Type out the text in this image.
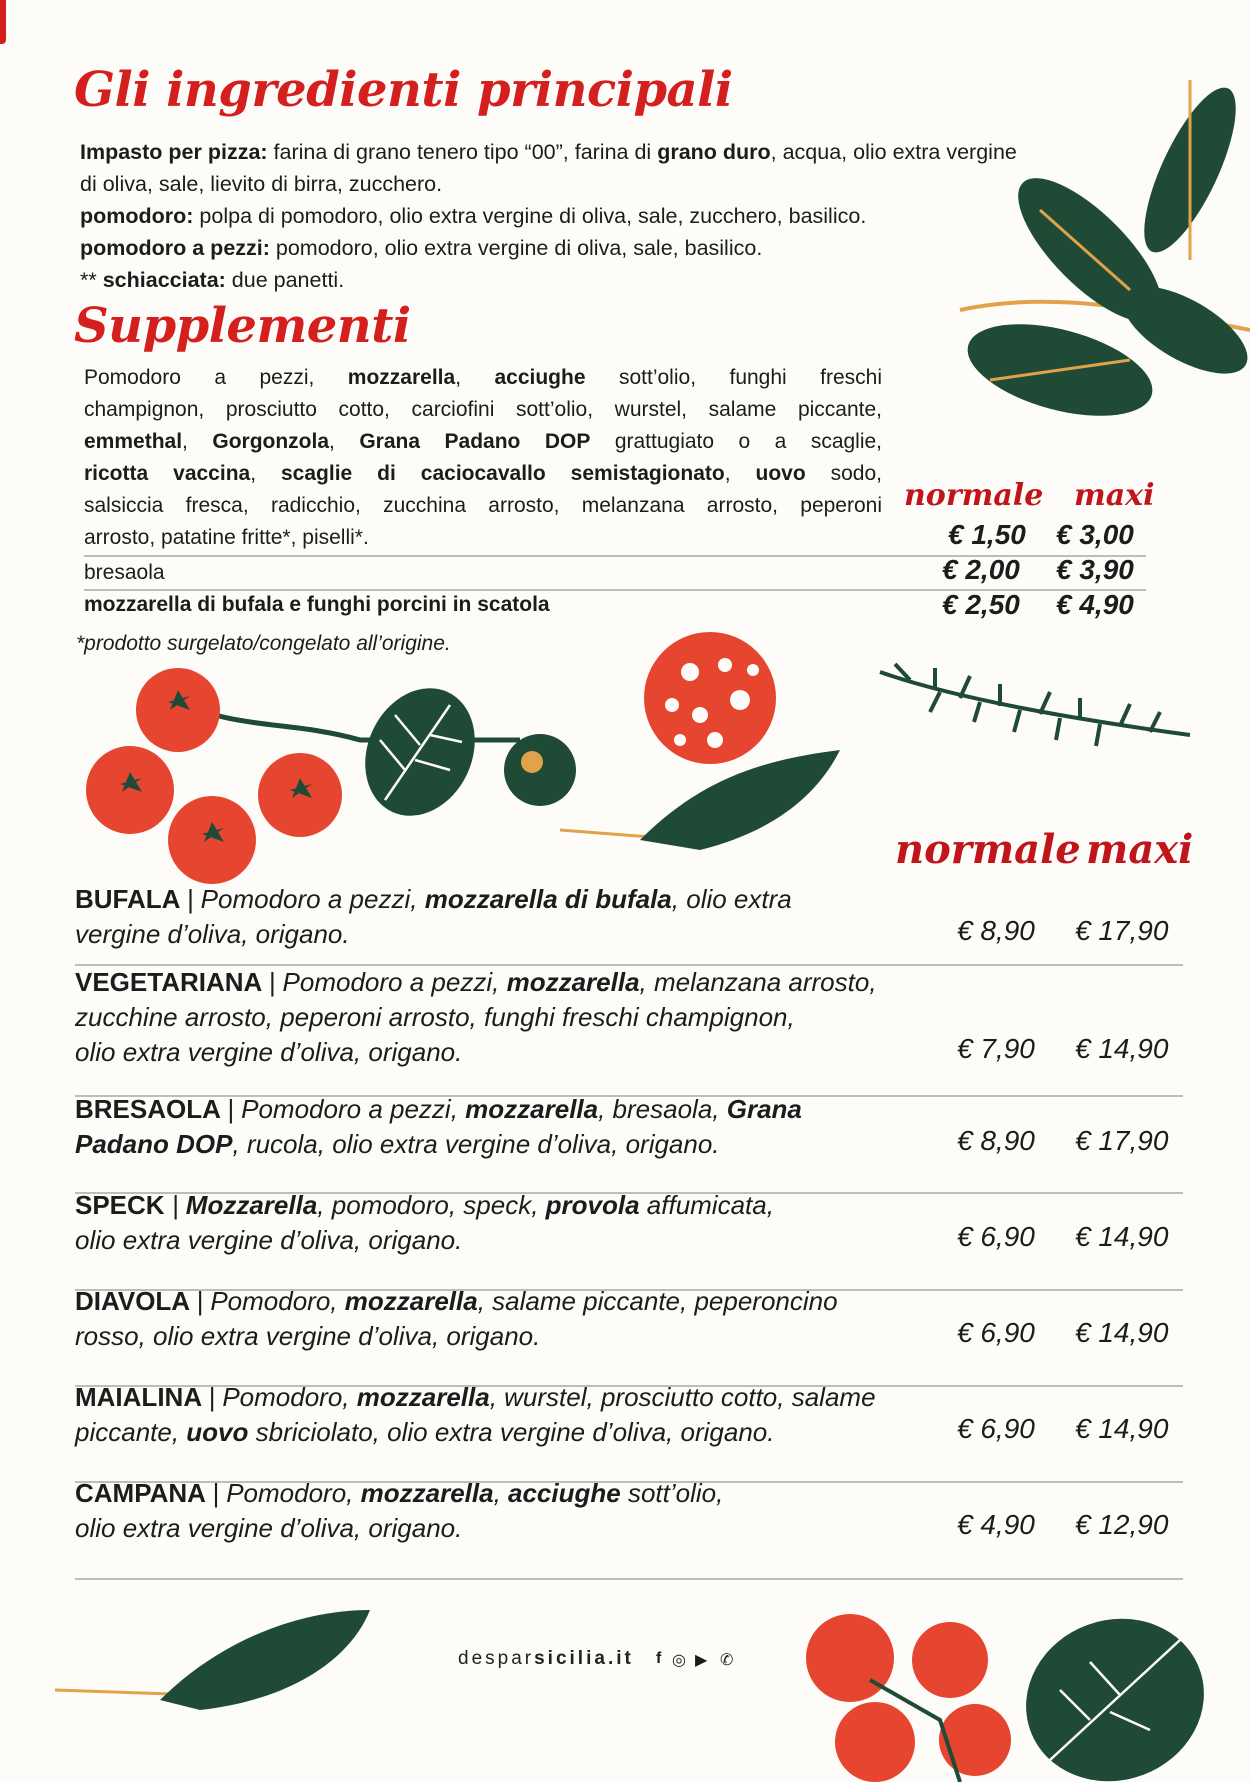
Gli ingredienti principali
Impasto per pizza: farina di grano tenero tipo “00”, farina di grano duro, acqua, olio extra vergine
di oliva, sale, lievito di birra, zucchero.
pomodoro: polpa di pomodoro, olio extra vergine di oliva, sale, zucchero, basilico.
pomodoro a pezzi: pomodoro, olio extra vergine di oliva, sale, basilico.
** schiacciata: due panetti.
Supplementi
Pomodoro a pezzi, mozzarella, acciughe sott’olio, funghi freschi
champignon, prosciutto cotto, carciofini sott’olio, wurstel, salame piccante,
emmethal, Gorgonzola, Grana Padano DOP grattugiato o a scaglie,
ricotta vaccina, scaglie di caciocavallo semistagionato, uovo sodo,
salsiccia fresca, radicchio, zucchina arrosto, melanzana arrosto, peperoni
arrosto, patatine fritte*, piselli*.
normale maxi
€ 1,50 € 3,00
bresaola	€ 2,00 € 3,90
mozzarella di bufala e funghi porcini in scatola	€ 2,50 € 4,90
*prodotto surgelato/congelato all’origine.
normale maxi
BUFALA | Pomodoro a pezzi, mozzarella di bufala, olio extra
vergine d’oliva, origano.	€ 8,90 € 17,90
VEGETARIANA | Pomodoro a pezzi, mozzarella, melanzana arrosto,
zucchine arrosto, peperoni arrosto, funghi freschi champignon,
olio extra vergine d’oliva, origano.	€ 7,90 € 14,90
BRESAOLA | Pomodoro a pezzi, mozzarella, bresaola, Grana
Padano DOP, rucola, olio extra vergine d’oliva, origano.	€ 8,90 € 17,90
SPECK | Mozzarella, pomodoro, speck, provola affumicata,
olio extra vergine d’oliva, origano.	€ 6,90 € 14,90
DIAVOLA | Pomodoro, mozzarella, salame piccante, peperoncino
rosso, olio extra vergine d’oliva, origano.	€ 6,90 € 14,90
MAIALINA | Pomodoro, mozzarella, wurstel, prosciutto cotto, salame
piccante, uovo sbriciolato, olio extra vergine d’oliva, origano.	€ 6,90 € 14,90
CAMPANA | Pomodoro, mozzarella, acciughe sott’olio,
olio extra vergine d’oliva, origano.	€ 4,90 € 12,90
desparsicilia.it f ◎ ▶ ✆
